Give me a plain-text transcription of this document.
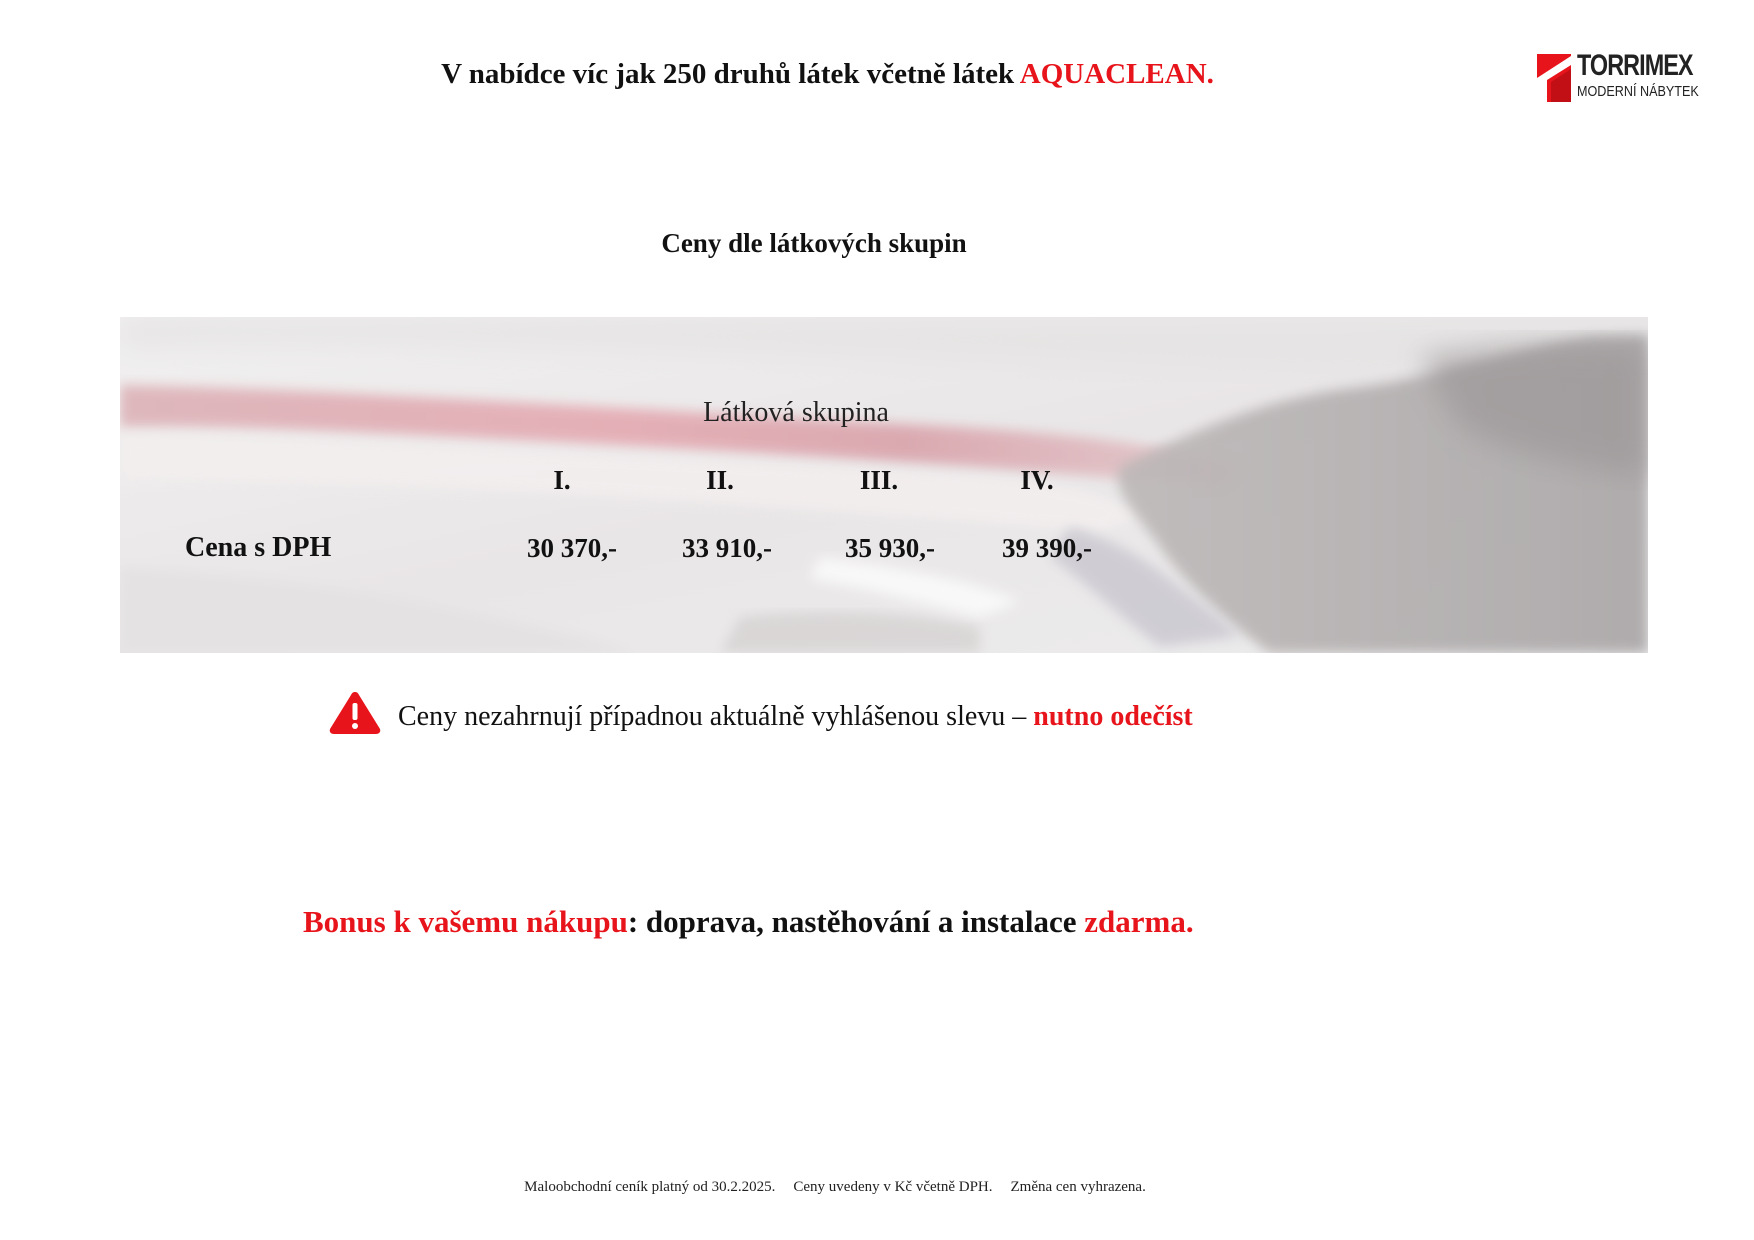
V nabídce víc jak 250 druhů látek včetně látek AQUACLEAN.	TORRIMEX
MODERNÍ NÁBYTEK
Ceny dle látkových skupin
Látková skupina
I.	II.	III.	IV.
Cena s DPH	30 370,-	33 910,-	35 930,-	39 390,-
Ceny nezahrnují případnou aktuálně vyhlášenou slevu – nutno odečíst
Bonus k vašemu nákupu: doprava, nastěhování a instalace zdarma.
Maloobchodní ceník platný od 30.2.2025. Ceny uvedeny v Kč včetně DPH. Změna cen vyhrazena.
